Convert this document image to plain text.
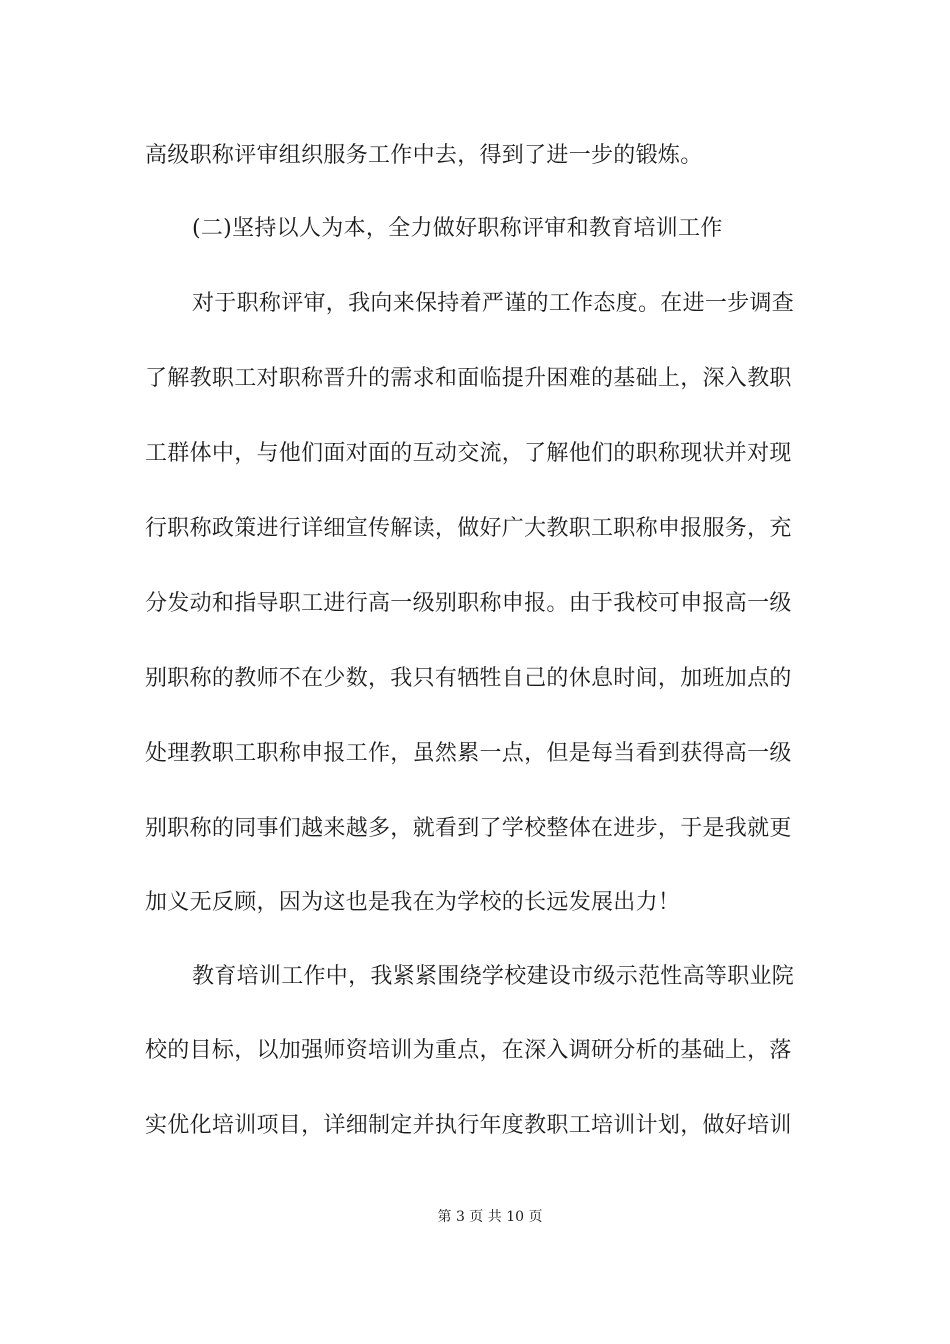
高级职称评审组织服务工作中去，得到了进一步的锻炼。
(二)坚持以人为本，全力做好职称评审和教育培训工作
对于职称评审，我向来保持着严谨的工作态度。在进一步调查
了解教职工对职称晋升的需求和面临提升困难的基础上，深入教职
工群体中，与他们面对面的互动交流，了解他们的职称现状并对现
行职称政策进行详细宣传解读，做好广大教职工职称申报服务，充
分发动和指导职工进行高一级别职称申报。由于我校可申报高一级
别职称的教师不在少数，我只有牺牲自己的休息时间，加班加点的
处理教职工职称申报工作，虽然累一点，但是每当看到获得高一级
别职称的同事们越来越多，就看到了学校整体在进步，于是我就更
加义无反顾，因为这也是我在为学校的长远发展出力！
教育培训工作中，我紧紧围绕学校建设市级示范性高等职业院
校的目标，以加强师资培训为重点，在深入调研分析的基础上，落
实优化培训项目，详细制定并执行年度教职工培训计划，做好培训
第 3 页 共 10 页
